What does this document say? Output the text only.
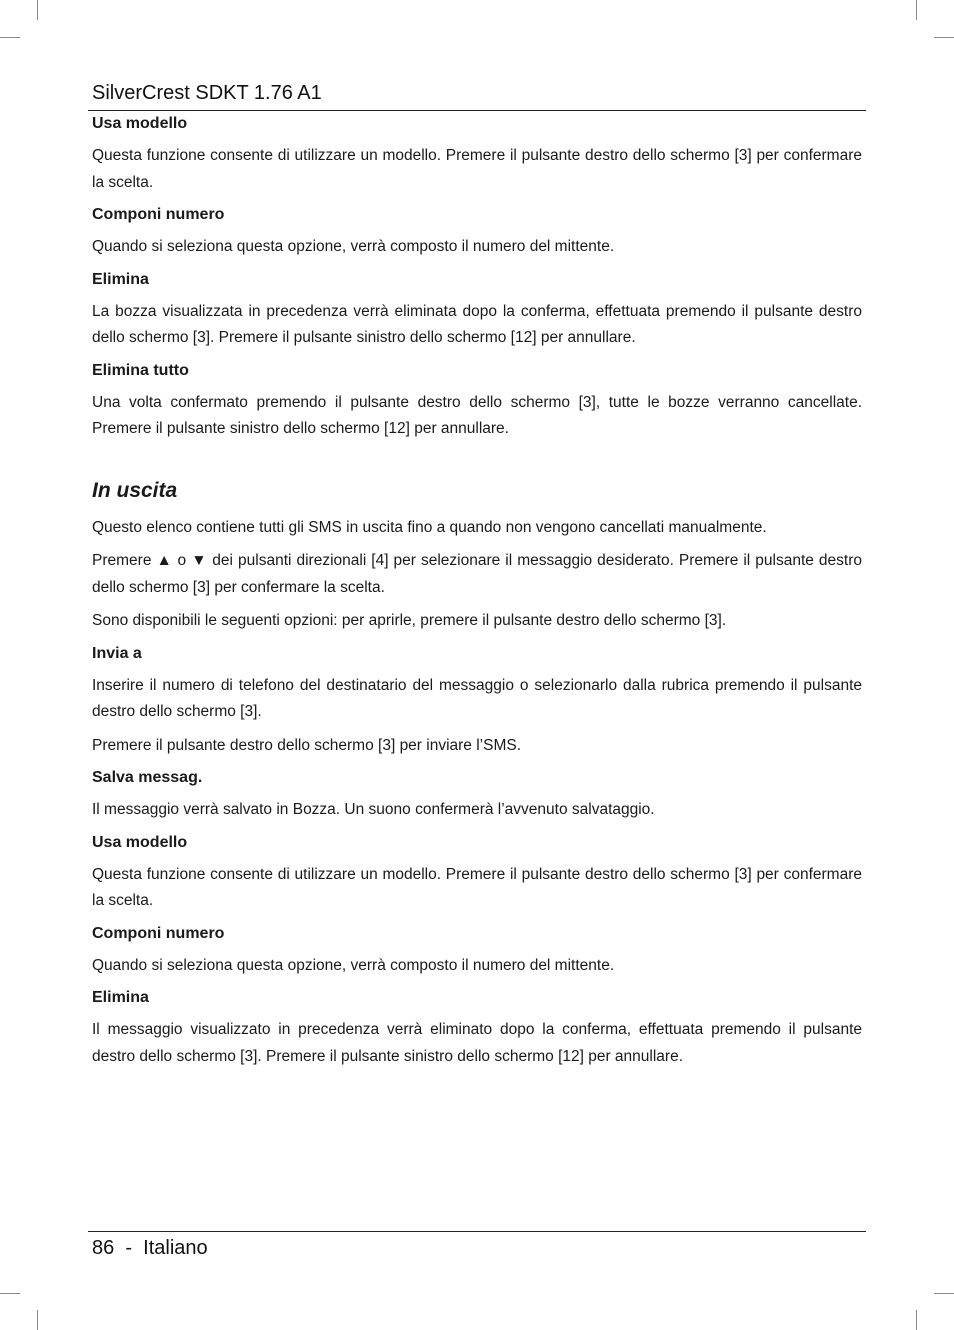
SilverCrest SDKT 1.76 A1
Usa modello

Questa funzione consente di utilizzare un modello. Premere il pulsante destro dello schermo [3] per confermare la scelta.

Componi numero

Quando si seleziona questa opzione, verrà composto il numero del mittente.

Elimina

La bozza visualizzata in precedenza verrà eliminata dopo la conferma, effettuata premendo il pulsante destro dello schermo [3]. Premere il pulsante sinistro dello schermo [12] per annullare.

Elimina tutto

Una volta confermato premendo il pulsante destro dello schermo [3], tutte le bozze verranno cancellate. Premere il pulsante sinistro dello schermo [12] per annullare.

In uscita

Questo elenco contiene tutti gli SMS in uscita fino a quando non vengono cancellati manualmente.

Premere ▲ o ▼ dei pulsanti direzionali [4] per selezionare il messaggio desiderato. Premere il pulsante destro dello schermo [3] per confermare la scelta.

Sono disponibili le seguenti opzioni: per aprirle, premere il pulsante destro dello schermo [3].

Invia a

Inserire il numero di telefono del destinatario del messaggio o selezionarlo dalla rubrica premendo il pulsante destro dello schermo [3].

Premere il pulsante destro dello schermo [3] per inviare l’SMS.

Salva messag.

Il messaggio verrà salvato in Bozza. Un suono confermerà l’avvenuto salvataggio.

Usa modello

Questa funzione consente di utilizzare un modello. Premere il pulsante destro dello schermo [3] per confermare la scelta.

Componi numero

Quando si seleziona questa opzione, verrà composto il numero del mittente.

Elimina

Il messaggio visualizzato in precedenza verrà eliminato dopo la conferma, effettuata premendo il pulsante destro dello schermo [3]. Premere il pulsante sinistro dello schermo [12] per annullare.

86  -  Italiano
